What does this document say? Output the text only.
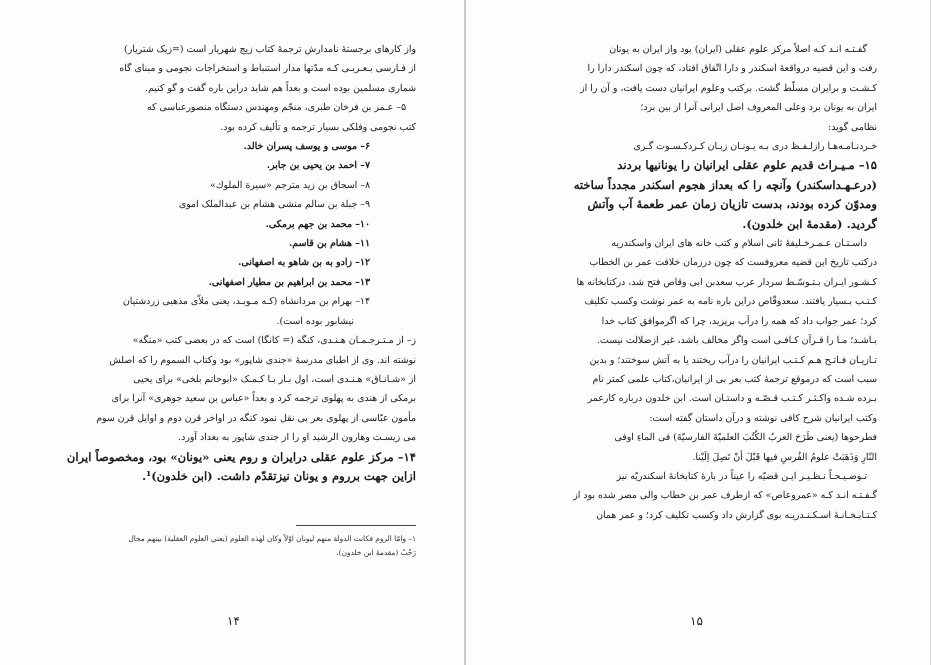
واز کارهای برجستهٔ نامدارش ترجمهٔ کتاب زیج شهریار است (=زیک شتریار)
از فـارسی بـعـربـی کـه مدّتها مدار استنباط و استخراجات نجومی و مبنای گاه
شماری مسلمین بوده است و بعداً هم شاید دراین باره گفت و گو کنیم.
۵– عـمر بن فرخان طبری، منجّم ومهندس دستگاه منصورعباسی که
کتب نجومی وفلکی بسیار ترجمه و تألیف کرده بود.
۶– موسی و یوسف پسران خالد.
۷– احمد بن یحیی بن جابر.
۸– اسحاق بن زید مترجم «سیرة الملوك»
۹– جبلة بن سالم منشی هشام بن عبدالملک اموی
۱۰– محمد بن جهم برمکی.
۱۱– هشام بن قاسم.
۱۲– زادو به بن شاهو به اصفهانی.
۱۳– محمد بن ابراهیم بن مطیار اصفهانی.
۱۴– بهرام بن مردانشاه (کـه مـوبـد، یعنی ملاّی مذهبی زردشتیان
نیشابور بوده است).
ز– از مـتـرجـمـان هـنـدی، کنگه (= کانگا) است که در بعضی کتب «منگه»
نوشته اند. وی از اطبای مدرسهٔ «جندی شاپور» بود وکتاب السموم را که اصلش
از «شـانـاق» هـنـدی است، اول بـار بـا کـمـک «ابوحاتم بلخی» برای یحیی
برمکی از هندی به پهلوی ترجمه کرد و بعداً «عباس بن سعید جوهری» آنرا برای
مأمون عبّاسی از پهلوی بعر بی نقل نمود کنگه در اواخر قرن دوم و اوایل قرن سوم
می زیسـت وهارون الرشید او را از جندی شاپور به بغداد آورد.
۱۴– مرکز علوم عقلی درایران و روم یعنی «یونان» بود، ومخصوصاً ایران
ازاین جهت برروم و یونان نیزتقدّم داشت. (ابن خلدون)¹.
۱– وامّا الروم فكانت الدولة منهم ليونان اوّلاً وكان لهذه العلوم (يعني العلوم العقلية) بينهم مجال
رَحْبٌ (مقدمهٔ ابن خلدون).
۱۴
گفـتـه انـد کـه اصلاً مرکز علوم عقلی (ایران) بود واز ایران به یونان
رفت و این قضیه درواقعهٔ اسکندر و دارا اتّفاق افتاد، که چون اسکندر دارا را
کـشـت و برایران مسلّط گشت. برکتب وعلوم ایرانیان دست یافت، و آن را از
ایران به یونان برد وعلی المعروف اصل ایرانی آنرا از بین برد؛
نظامی گوید:
خـردنـامـه‌هـا رازلـفـظ دری بـه یـونـان زبـان کـردکـسـوت گـری
۱۵– مـیـراث قدیم علوم عقلی ایرانیان را یونانیها بردند
(درعـهـداسکندر) وآنچه را که بعداز هجوم اسکندر مجدداً ساخته
ومدوّن کرده بودند، بدست تازیان زمان عمر طعمهٔ آب وآتش
گردید. (مقدمهٔ ابن خلدون).
داسـتـان عـمـرخـلیفهٔ ثانی اسلام و کتب خانه های ایران واسکندریه
درکتب تاریخ این قضیه معروفست که چون درزمان خلافت عمر بن الخطاب
کـشـور ایـران بـتـوسّـط سردار عرب سعدبن ابی وقاص فتح شد، درکتابخانه ها
کـتـب بـسیار یافتند. سعدوقّاص دراین باره نامه به عمر نوشت وکسب تکلیف
کرد؛ عمر جواب داد که همه را درآب بریزید، چرا که اگرموافق کتاب خدا
بـاشـد؛ مـا را قـرآن کـافـی است واگر مخالف باشد، غیر ازضلالت نیست.
تـازیـان فـاتـح هـم کـتـب ایرانیان را درآب ریختند یا به آتش سوختند؛ و بدین
سبب است که درموقع ترجمهٔ کتب بعر بی از ایرانیان،کتاب علمی کمتر نام
بـرده شـده واکـثـر کـتـب قـصّـه و داستـان است. ابن خلدون درباره کارعمر
وکتب ایرانیان شرح کافی نوشته و درآن داستان گفته است:
فطرحوها (یعنی طَرَحَ العربُ الکُتُبَ العلمیّةَ الفارسیّةَ) فی الماءِ اوفی
النّارِ وَذَهَبَتْ علومُ الفُرسِ فیها قَبْلَ أنْ تَصِلَ اِلَیْنا.
تـوضـیـحـاً نـظـیـر ایـن قضیّه را عیناً در بارهٔ کتابخانهٔ اسکندریّه نیز
گـفـتـه انـد کـه «عمروعاص» که ازطرف عمر بن خطاب والی مصر شده بود از
کـتـابـخـانـهٔ اسـکـنـدریـه بوی گزارش داد وکسب تکلیف کرد؛ و عمر همان
۱۵
